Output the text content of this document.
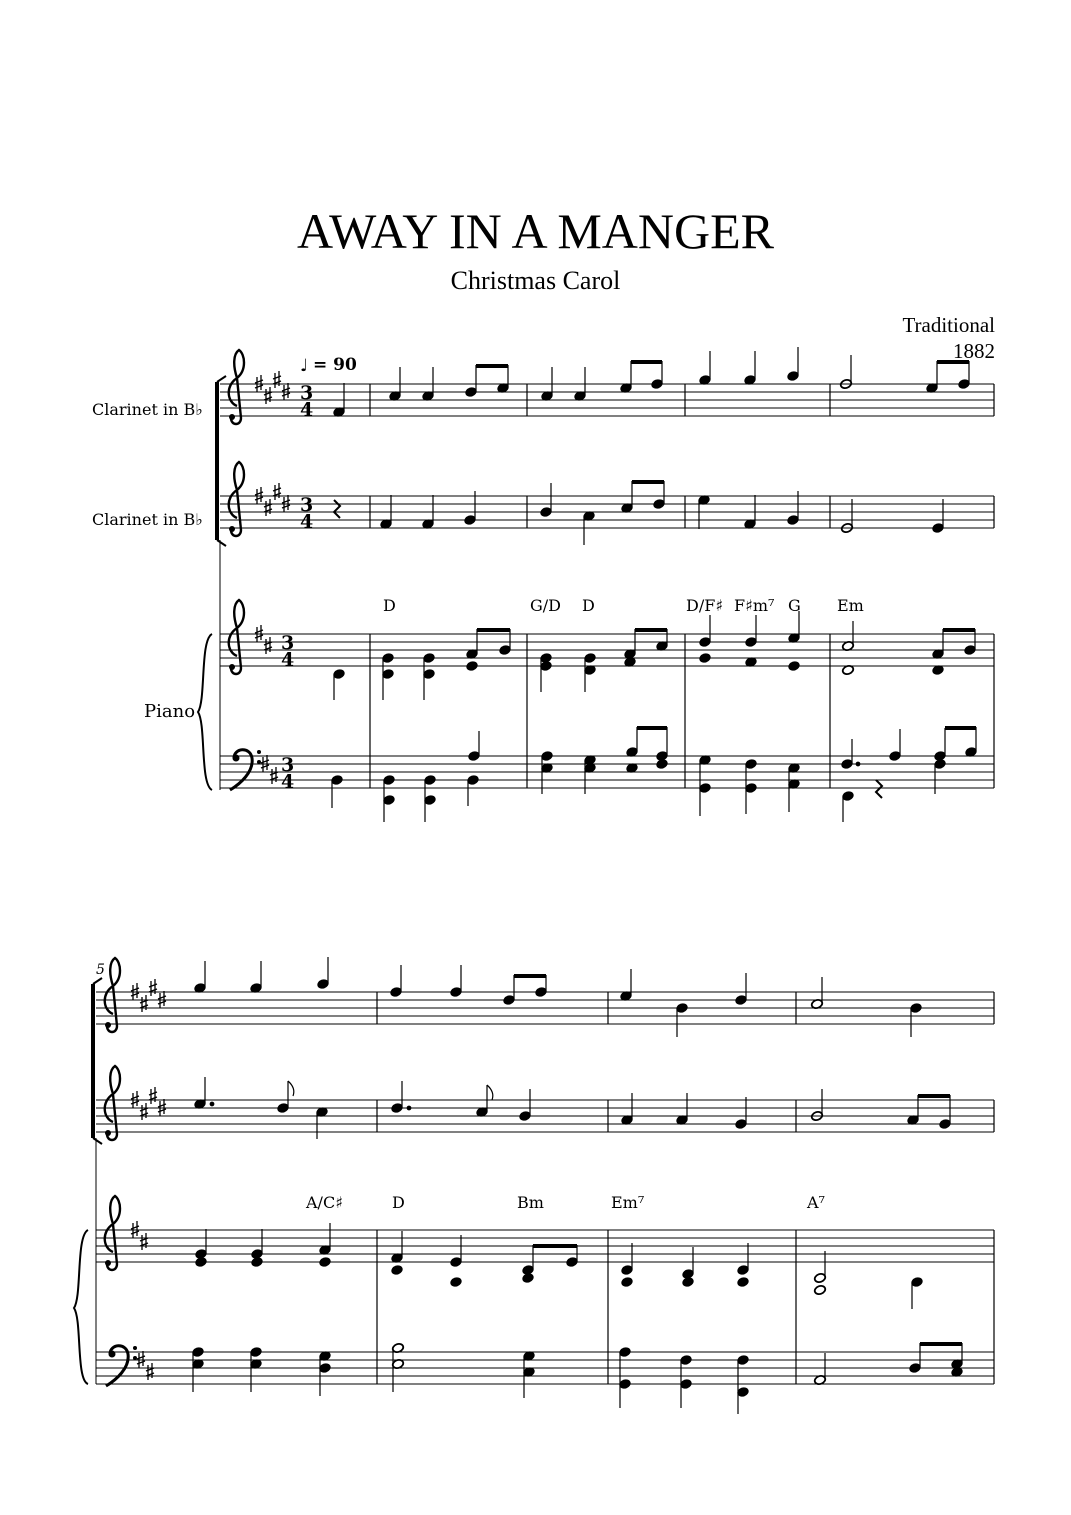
AWAY IN A MANGER
Christmas Carol
Traditional
1882
♩ = 90
Clarinet in B♭
Clarinet in B♭
Piano
3
4
3
4
3
4
3
4
5
D	G/D D	D/F♯ F♯m⁷ G Em
A/C♯	D	Bm	Em⁷	A⁷
